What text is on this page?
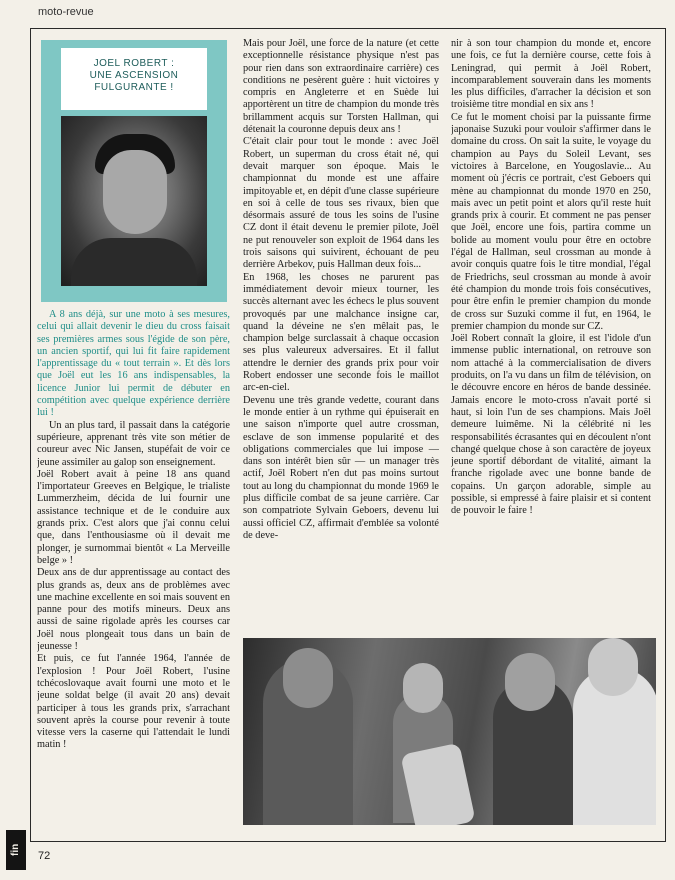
moto-revue
JOEL ROBERT :
UNE ASCENSION
FULGURANTE !

A 8 ans déjà, sur une moto à ses mesures, celui qui allait devenir le dieu du cross faisait ses premières armes sous l'égide de son père, un ancien sportif, qui lui fit faire rapidement l'apprentissage du « tout terrain ». Et dès lors que Joël eut les 16 ans indispensables, la licence Junior lui permit de débuter en compétition avec quelque expérience derrière lui !

Un an plus tard, il passait dans la catégorie supérieure, apprenant très vite son métier de coureur avec Nic Jansen, stupéfait de voir ce jeune assimiler au galop son enseignement.

Joël Robert avait à peine 18 ans quand l'importateur Greeves en Belgique, le trialiste Lummerzheim, décida de lui fournir une assistance technique et de le conduire aux grands prix. C'est alors que j'ai connu celui que, dans l'enthousiasme où il devait me plonger, je surnommai bientôt « La Merveille belge » !

Deux ans de dur apprentissage au contact des plus grands as, deux ans de problèmes avec une machine excellente en soi mais souvent en panne pour des motifs mineurs. Deux ans aussi de saine rigolade après les courses car Joël nous plongeait tous dans un bain de jeunesse !

Et puis, ce fut l'année 1964, l'année de l'explosion ! Pour Joël Robert, l'usine tchécoslovaque avait fourni une moto et le jeune soldat belge (il avait 20 ans) devait participer à tous les grands prix, s'arrachant souvent après la course pour revenir à toute vitesse vers la caserne qui l'attendait le lundi matin !

Mais pour Joël, une force de la nature (et cette exceptionnelle résistance physique n'est pas pour rien dans son extraordinaire carrière) ces conditions ne pesèrent guère : huit victoires y compris en Angleterre et en Suède lui apportèrent un titre de champion du monde très brillamment acquis sur Torsten Hallman, qui détenait la couronne depuis deux ans !

C'était clair pour tout le monde : avec Joël Robert, un superman du cross était né, qui devait marquer son époque. Mais le championnat du monde est une affaire impitoyable et, en dépit d'une classe supérieure en soi à celle de tous ses rivaux, bien que désormais assuré de tous les soins de l'usine CZ dont il était devenu le premier pilote, Joël ne put renouveler son exploit de 1964 dans les trois saisons qui suivirent, échouant de peu derrière Arbekov, puis Hallman deux fois...

En 1968, les choses ne parurent pas immédiatement devoir mieux tourner, les succès alternant avec les échecs le plus souvent provoqués par une malchance insigne car, quand la déveine ne s'en mêlait pas, le champion belge surclassait à chaque occasion ses plus valeureux adversaires. Et il fallut attendre le dernier des grands prix pour voir Robert endosser une seconde fois le maillot arc-en-ciel.

Devenu une très grande vedette, courant dans le monde entier à un rythme qui épuiserait en une saison n'importe quel autre crossman, esclave de son immense popularité et des obligations commerciales que lui impose — dans son intérêt bien sûr — un manager très actif, Joël Robert n'en dut pas moins surtout tout au long du championnat du monde 1969 le plus difficile combat de sa jeune carrière. Car son compatriote Sylvain Geboers, devenu lui aussi officiel CZ, affirmait d'emblée sa volonté de deve-

nir à son tour champion du monde et, encore une fois, ce fut la dernière course, cette fois à Leningrad, qui permit à Joël Robert, incomparablement souverain dans les moments les plus difficiles, d'arracher la décision et son troisième titre mondial en six ans !

Ce fut le moment choisi par la puissante firme japonaise Suzuki pour vouloir s'affirmer dans le domaine du cross. On sait la suite, le voyage du champion au Pays du Soleil Levant, ses victoires à Barcelone, en Yougoslavie... Au moment où j'écris ce portrait, c'est Geboers qui mène au championnat du monde 1970 en 250, mais avec un petit point et alors qu'il reste huit grands prix à courir. Et comment ne pas penser que Joël, encore une fois, partira comme un bolide au moment voulu pour être en octobre l'égal de Hallman, seul crossman au monde à avoir conquis quatre fois le titre mondial, l'égal de Friedrichs, seul crossman au monde à avoir été champion du monde trois fois consécutives, pour être enfin le premier champion du monde de cross sur Suzuki comme il fut, en 1964, le premier champion du monde sur CZ.

Joël Robert connaît la gloire, il est l'idole d'un immense public international, on retrouve son nom attaché à la commercialisation de divers produits, on l'a vu dans un film de télévision, on le découvre encore en héros de bande dessinée. Jamais encore le moto-cross n'avait porté si haut, si loin l'un de ses champions. Mais Joël demeure luimême. Ni la célébrité ni les responsabilités écrasantes qui en découlent n'ont changé quelque chose à son caractère de joyeux jeune sportif débordant de vitalité, aimant la franche rigolade avec une bonne bande de copains. Un garçon adorable, simple au possible, si empressé à faire plaisir et si content de pouvoir le faire !

fin	72
